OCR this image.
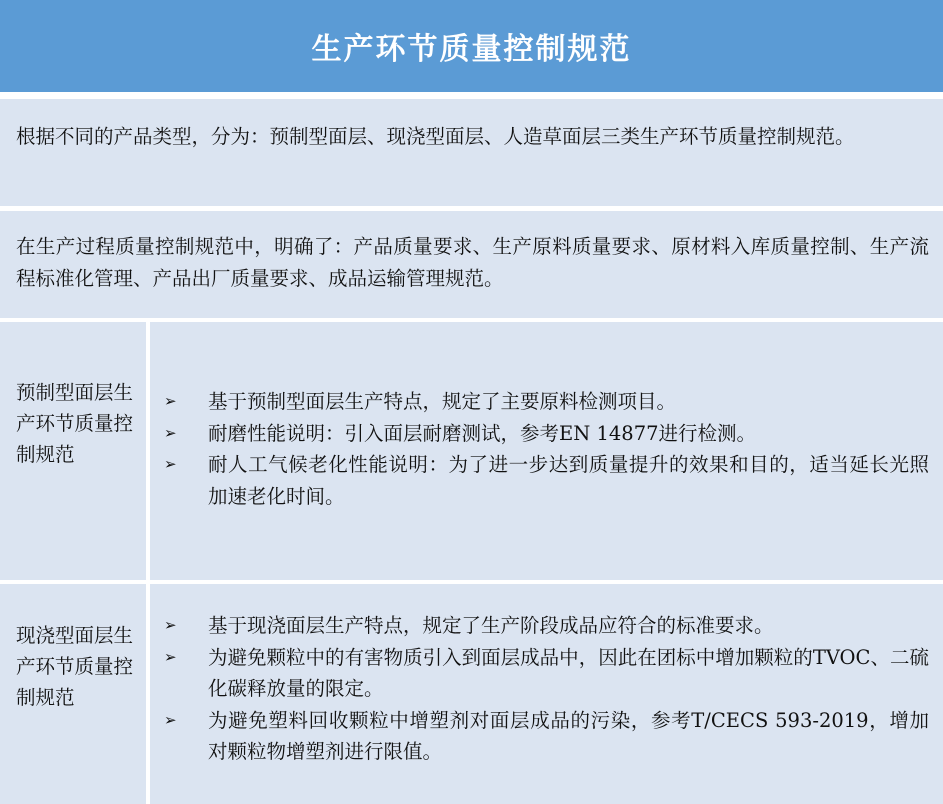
生产环节质量控制规范
根据不同的产品类型，分为：预制型面层、现浇型面层、人造草面层三类生产环节质量控制规范。
在生产过程质量控制规范中，明确了：产品质量要求、生产原料质量要求、原材料入库质量控制、生产流程标准化管理、产品出厂质量要求、成品运输管理规范。
预制型面层生产环节质量控制规范
➢	基于预制型面层生产特点，规定了主要原料检测项目。
➢	耐磨性能说明：引入面层耐磨测试，参考EN 14877进行检测。
➢	耐人工气候老化性能说明：为了进一步达到质量提升的效果和目的，适当延长光照加速老化时间。
现浇型面层生产环节质量控制规范
➢	基于现浇面层生产特点，规定了生产阶段成品应符合的标准要求。
➢	为避免颗粒中的有害物质引入到面层成品中，因此在团标中增加颗粒的TVOC、二硫化碳释放量的限定。
➢	为避免塑料回收颗粒中增塑剂对面层成品的污染，参考T/CECS 593-2019，增加对颗粒物增塑剂进行限值。
